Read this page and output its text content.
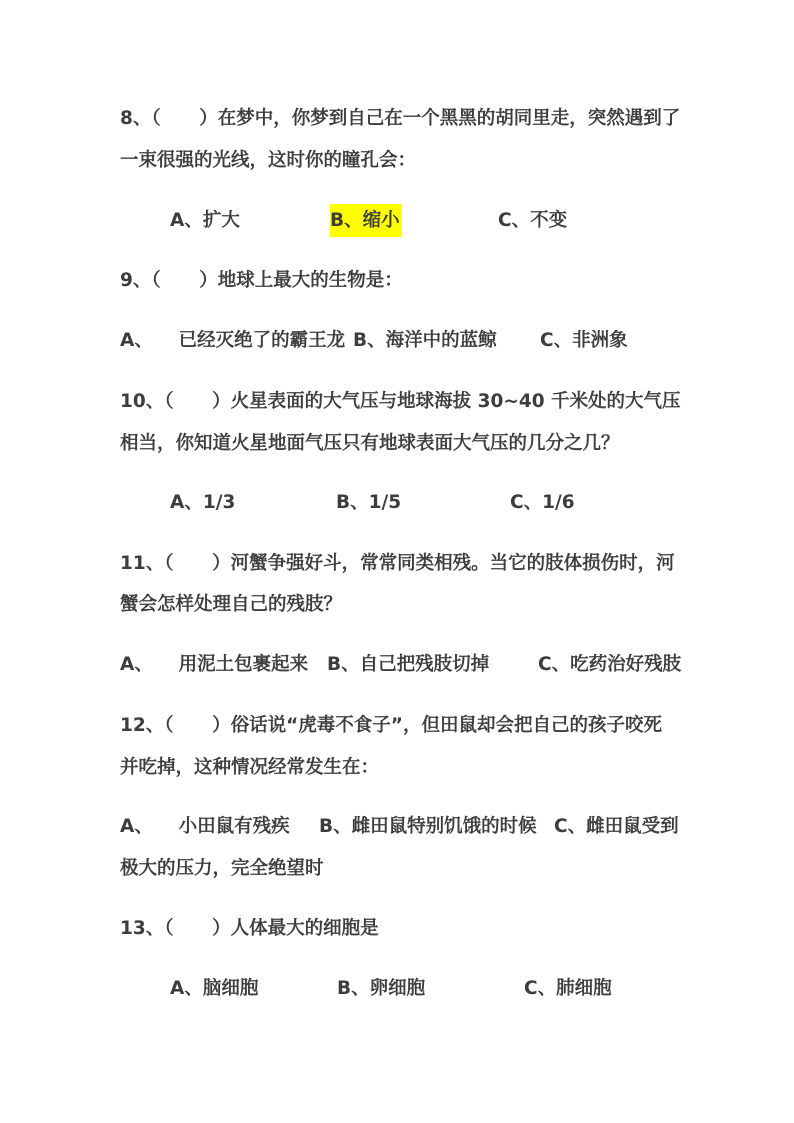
8、（      ）在梦中，你梦到自己在一个黑黑的胡同里走，突然遇到了
一束很强的光线，这时你的瞳孔会：
A、扩大	B、缩小	C、不变
9、（      ）地球上最大的生物是：
A、    已经灭绝了的霸王龙 B、海洋中的蓝鲸 C、非洲象
10、（      ）火星表面的大气压与地球海拔 30~40 千米处的大气压
相当，你知道火星地面气压只有地球表面大气压的几分之几？
A、1/3	B、1/5	C、1/6
11、（      ）河蟹争强好斗，常常同类相残。当它的肢体损伤时，河
蟹会怎样处理自己的残肢？
A、    用泥土包裹起来 B、自己把残肢切掉	C、吃药治好残肢
12、（      ）俗话说“虎毒不食子”，但田鼠却会把自己的孩子咬死
并吃掉，这种情况经常发生在：
A、    小田鼠有残疾 B、雌田鼠特别饥饿的时候 C、雌田鼠受到
极大的压力，完全绝望时
13、（      ）人体最大的细胞是
A、脑细胞	B、卵细胞	C、肺细胞
